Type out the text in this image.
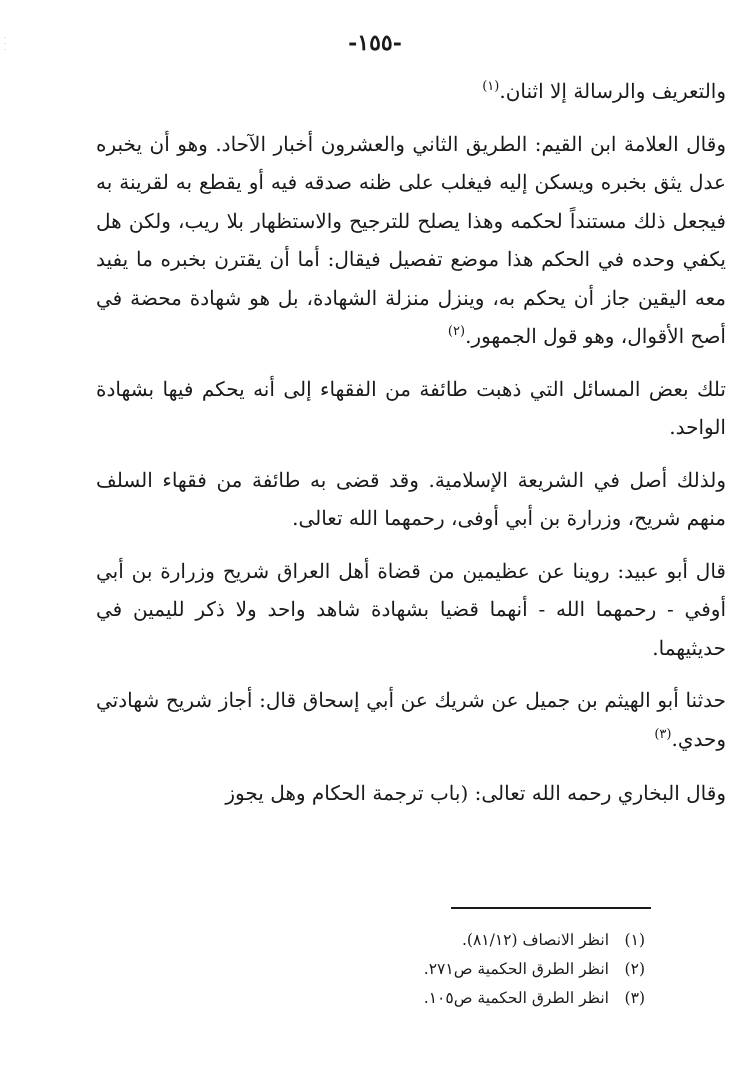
·
·
·	-١٥٥-

والتعريف والرسالة إلا اثنان.$^{(١)}$

وقال العلامة ابن القيم: الطريق الثاني والعشرون أخبار الآحاد. وهو أن يخبره عدل يثق بخبره ويسكن إليه فيغلب على ظنه صدقه فيه أو يقطع به لقرينة به فيجعل ذلك مستنداً لحكمه وهذا يصلح للترجيح والاستظهار بلا ريب، ولكن هل يكفي وحده في الحكم هذا موضع تفصيل فيقال: أما أن يقترن بخبره ما يفيد معه اليقين جاز أن يحكم به، وينزل منزلة الشهادة، بل هو شهادة محضة في أصح الأقوال، وهو قول الجمهور.$^{(٢)}$

تلك بعض المسائل التي ذهبت طائفة من الفقهاء إلى أنه يحكم فيها بشهادة الواحد.

ولذلك أصل في الشريعة الإسلامية. وقد قضى به طائفة من فقهاء السلف منهم شريح، وزرارة بن أبي أوفى، رحمهما الله تعالى.

قال أبو عبيد: روينا عن عظيمين من قضاة أهل العراق شريح وزرارة بن أبي أوفي - رحمهما الله - أنهما قضيا بشهادة شاهد واحد ولا ذكر لليمين في حديثيهما.

حدثنا أبو الهيثم بن جميل عن شريك عن أبي إسحاق قال: أجاز شريح شهادتي وحدي.$^{(٣)}$

وقال البخاري رحمه الله تعالى: (باب ترجمة الحكام وهل يجوز

(١)انظر الانصاف (٨١/١٢).
(٢)انظر الطرق الحكمية ص٢٧١.
(٣)انظر الطرق الحكمية ص١٠٥.
